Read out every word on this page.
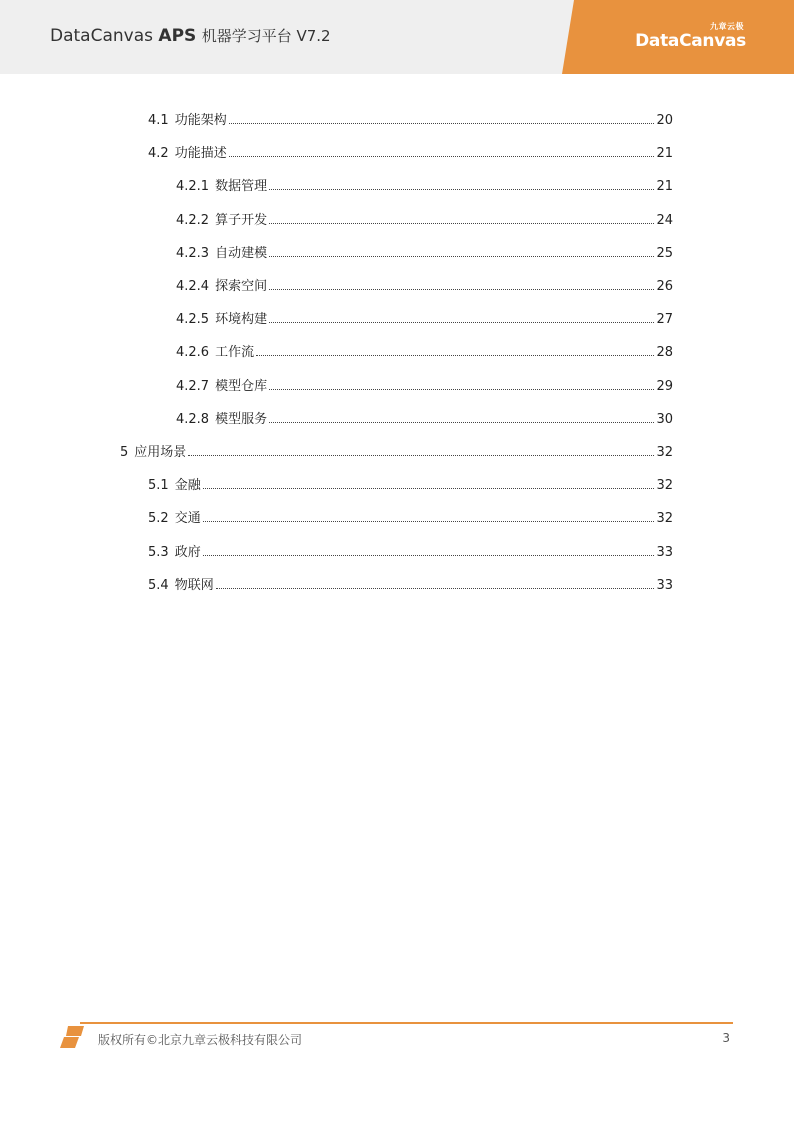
DataCanvas APS 机器学习平台 V7.2
九章云极
DataCanvas
4.1 功能架构	20
4.2 功能描述	21
4.2.1 数据管理	21
4.2.2 算子开发	24
4.2.3 自动建模	25
4.2.4 探索空间	26
4.2.5 环境构建	27
4.2.6 工作流	28
4.2.7 模型仓库	29
4.2.8 模型服务	30
5 应用场景	32
5.1 金融	32
5.2 交通	32
5.3 政府	33
5.4 物联网	33
版权所有©北京九章云极科技有限公司	3
